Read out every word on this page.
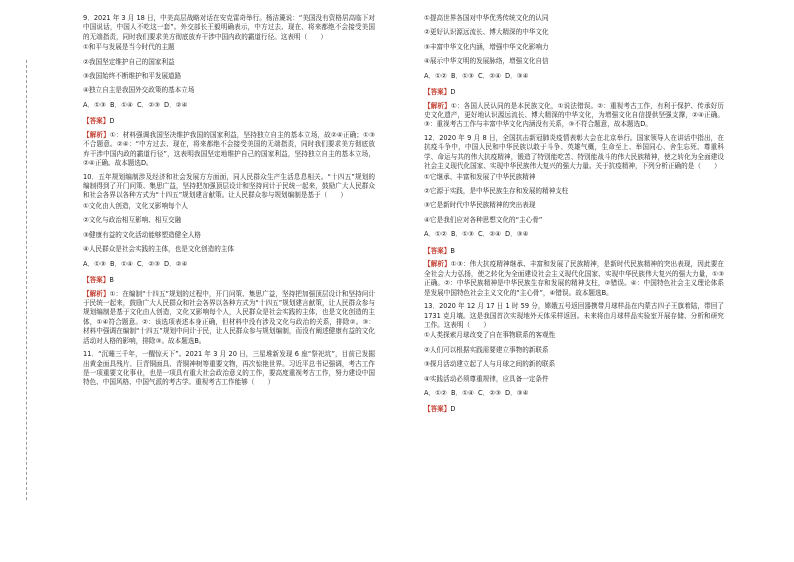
9．2021 年 3 月 18 日，中美高层战略对话在安克雷奇举行。杨洁篪说：“美国没有资格居高临下对中国说话，中国人不吃这一套”。外交部长王毅明确表示，中方过去、现在、将来都绝不会接受美国的无端指责，同时我们要求美方彻底放弃干涉中国内政的霸道行径。这表明（　　）
①和平与发展是当今时代的主题
②我国坚定维护自己的国家利益
③我国始终不断维护和平发展道路
④独立自主是我国外交政策的基本立场
A．①③ B．①④ C．②③ D．②④
【答案】D
【解析】①：材料强调我国坚决维护我国的国家利益，坚持独立自主的基本立场，故②④正确；①③不合题意。②④：“中方过去、现在，将来都绝不会接受美国的无端指责，同时我们要求美方彻底放弃干涉中国内政的霸道行径”，这表明我国坚定地维护自己的国家利益，坚持独立自主的基本立场，②④正确。故本题选D。
10．五年规划编制涉及经济和社会发展方方面面，同人民群众生产生活息息相关。“十四五”规划的编制得到了开门问策、集思广益，坚持把加强顶层设计和坚持问计于民统一起来，鼓励广大人民群众和社会各界以各种方式为“十四五”规划建言献策。让人民群众参与规划编制是基于（　　）
①文化由人创造，文化又影响每个人
②文化与政治相互影响、相互交融
③健康有益的文化活动能够塑造健全人格
④人民群众是社会实践的主体，也是文化创造的主体
A．①③ B．①④ C．②③ D．②④
【答案】B
【解析】①：在编制“十四五”规划的过程中，开门问策、集思广益，坚持把加强顶层设计和坚持问计于民统一起来，鼓励广大人民群众和社会各界以各种方式为“十四五”规划建言献策，让人民群众参与规划编制是基于文化由人创造，文化又影响每个人，人民群众是社会实践的主体，也是文化创造的主体，①④符合题意。②：该选项表述本身正确，但材料中没有涉及文化与政治的关系，排除②。③：材料中强调在编制“十四五”规划中问计于民，让人民群众参与规划编制，而没有阐述健康有益的文化活动对人格的影响，排除③。故本题选B。
11．“沉睡三千年，一醒惊天下”。2021 年 3 月 20 日，三星堆新发现 6 座“祭祀坑”，目前已发掘出黄金面具残片、巨青铜面具、青铜神树等重要文物，再次惊艳世界。习近平总书记强调，考古工作是一项重要文化事业，也是一项具有重大社会政治意义的工作，要高度重视考古工作，努力建设中国特色、中国风格、中国气派的考古学。重视考古工作能够（　　）
①提高世界各国对中华优秀传统文化的认同
②更好认识源远流长、博大精深的中华文化
③丰富中华文化内涵，增强中华文化影响力
④展示中华文明的发展脉络，增强文化自信
A．①② B．①③ C．②④ D．③④
【答案】D
【解析】①：各国人民认同的是本民族文化，①说法错误。②：重视考古工作，有利于保护、传承好历史文化遗产，更好地认识源远流长、博大精深的中华文化，为增强文化自信提供坚强支撑，②④正确。③：重视考古工作与丰富中华文化内涵没有关系，③不符合题意，故本题选D。
12．2020 年 9 月 8 日，全国抗击新冠肺炎疫情表彰大会在北京举行。国家领导人在讲话中指出，在抗疫斗争中，中国人民和中华民族以敢于斗争、英雄气概，生命至上、举国同心、舍生忘死、尊重科学、命运与共的伟大抗疫精神，锻造了特别能吃苦、特别能战斗的伟大民族精神，使之转化为全面建设社会主义现代化国家、实现中华民族伟大复兴的强大力量。关于抗疫精神，下列分析正确的是（　　）
①它继承、丰富和发展了中华民族精神
②它源于实践，是中华民族生存和发展的精神支柱
③它是新时代中华民族精神的突出表现
④它是我们应对各种思想文化的“主心骨”
A．①② B．①③ C．②④ D．③④
【答案】B
【解析】①③：伟大抗疫精神继承、丰富和发展了民族精神，是新时代民族精神的突出表现，因此要在全社会大力弘扬，使之转化为全面建设社会主义现代化国家、实现中华民族伟大复兴的强大力量，①③正确。②：中华民族精神是中华民族生存和发展的精神支柱，②错误。④：中国特色社会主义理论体系是发展中国特色社会主义文化的“主心骨”，④错误。故本题选B。
13．2020 年 12 月 17 日 1 时 59 分，嫦娥五号返回器携带月球样品在内蒙古四子王旗着陆，带回了 1731 克月壤。这是我国首次实现地外天体采样返回。未来将由月球样品实验室开展存储、分析和研究工作。这表明（　　）
①人类探索月球改变了自在事物联系的客观性
②人们可以根据实践需要建立事物的新联系
③探月活动建立起了人与月球之间的新的联系
④实践活动必须尊重规律，应具备一定条件
A．①② B．①④ C．②③ D．③④
【答案】D
